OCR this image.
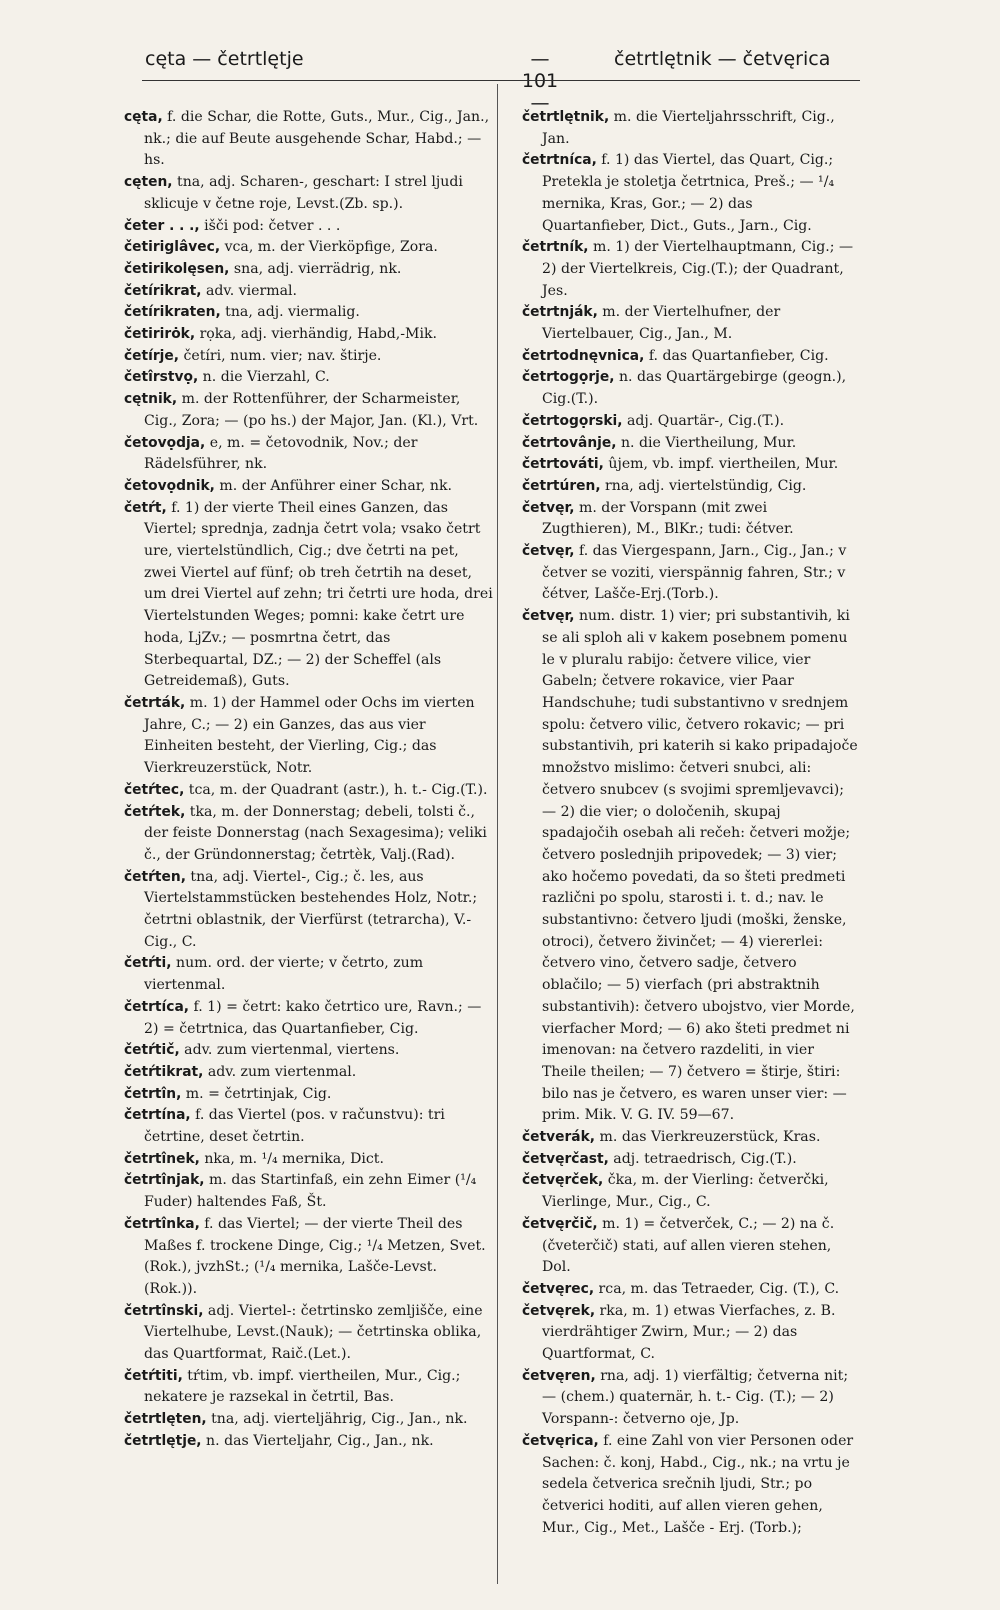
cęta — četrtlętje	— 101 —
četrtlętnik — četvęrica

cęta, f. die Schar, die Rotte, Guts., Mur., Cig., Jan., nk.; die auf Beute ausgehende Schar, Habd.; — hs.

cęten, tna, adj. Scharen-, geschart: I strel ljudi sklicuje v četne roje, Levst.(Zb. sp.).

četer . . ., išči pod: četver . . .

četiriglâvec, vca, m. der Vierköpfige, Zora.

četirikolęsen, sna, adj. vierrädrig, nk.

četírikrat, adv. viermal.

četírikraten, tna, adj. viermalig.

četirirȯk, rọka, adj. vierhändig, Habd,-Mik.

četírje, četíri, num. vier; nav. štirje.

četîrstvọ, n. die Vierzahl, C.

cętnik, m. der Rottenführer, der Scharmeister, Cig., Zora; — (po hs.) der Major, Jan. (Kl.), Vrt.

četovọdja, e, m. = četovodnik, Nov.; der Rädelsführer, nk.

četovọdnik, m. der Anführer einer Schar, nk.

četŕt, f. 1) der vierte Theil eines Ganzen, das Viertel; sprednja, zadnja četrt vola; vsako četrt ure, viertelstündlich, Cig.; dve četrti na pet, zwei Viertel auf fünf; ob treh četrtih na deset, um drei Viertel auf zehn; tri četrti ure hoda, drei Viertelstunden Weges; pomni: kake četrt ure hoda, LjZv.; — posmrtna četrt, das Sterbequartal, DZ.; — 2) der Scheffel (als Getreidemaß), Guts.

četrták, m. 1) der Hammel oder Ochs im vierten Jahre, C.; — 2) ein Ganzes, das aus vier Einheiten besteht, der Vierling, Cig.; das Vierkreuzerstück, Notr.

četŕtec, tca, m. der Quadrant (astr.), h. t.- Cig.(T.).

četŕtek, tka, m. der Donnerstag; debeli, tolsti č., der feiste Donnerstag (nach Sexagesima); veliki č., der Gründonnerstag; četrtèk, Valj.(Rad).

četŕten, tna, adj. Viertel-, Cig.; č. les, aus Viertelstammstücken bestehendes Holz, Notr.; četrtni oblastnik, der Vierfürst (tetrarcha), V.-Cig., C.

četŕti, num. ord. der vierte; v četrto, zum viertenmal.

četrtíca, f. 1) = četrt: kako četrtico ure, Ravn.; — 2) = četrtnica, das Quartanfieber, Cig.

četŕtič, adv. zum viertenmal, viertens.

četŕtikrat, adv. zum viertenmal.

četrtîn, m. = četrtinjak, Cig.

četrtína, f. das Viertel (pos. v računstvu): tri četrtine, deset četrtin.

četrtînek, nka, m. ¹/₄ mernika, Dict.

četrtînjak, m. das Startinfaß, ein zehn Eimer (¹/₄ Fuder) haltendes Faß, Št.

četrtînka, f. das Viertel; — der vierte Theil des Maßes f. trockene Dinge, Cig.; ¹/₄ Metzen, Svet. (Rok.), jvzhSt.; (¹/₄ mernika, Lašče-Levst. (Rok.)).

četrtînski, adj. Viertel-: četrtinsko zemljišče, eine Viertelhube, Levst.(Nauk); — četrtinska oblika, das Quartformat, Raič.(Let.).

četŕtiti, tŕtim, vb. impf. viertheilen, Mur., Cig.; nekatere je razsekal in četrtil, Bas.

četrtlęten, tna, adj. vierteljährig, Cig., Jan., nk.

četrtlętje, n. das Vierteljahr, Cig., Jan., nk.

četrtlętnik, m. die Vierteljahrsschrift, Cig., Jan.

četrtníca, f. 1) das Viertel, das Quart, Cig.; Pretekla je stoletja četrtnica, Preš.; — ¹/₄ mernika, Kras, Gor.; — 2) das Quartanfieber, Dict., Guts., Jarn., Cig.

četrtník, m. 1) der Viertelhauptmann, Cig.; — 2) der Viertelkreis, Cig.(T.); der Quadrant, Jes.

četrtnják, m. der Viertelhufner, der Viertelbauer, Cig., Jan., M.

četrtodnęvnica, f. das Quartanfieber, Cig.

četrtogọrje, n. das Quartärgebirge (geogn.), Cig.(T.).

četrtogọrski, adj. Quartär-, Cig.(T.).

četrtovânje, n. die Viertheilung, Mur.

četrtováti, ûjem, vb. impf. viertheilen, Mur.

četrtúren, rna, adj. viertelstündig, Cig.

četvęr, m. der Vorspann (mit zwei Zugthieren), M., BlKr.; tudi: čétver.

četvęr, f. das Viergespann, Jarn., Cig., Jan.; v četver se voziti, vierspännig fahren, Str.; v čétver, Lašče-Erj.(Torb.).

četvęr, num. distr. 1) vier; pri substantivih, ki se ali sploh ali v kakem posebnem pomenu le v pluralu rabijo: četvere vilice, vier Gabeln; četvere rokavice, vier Paar Handschuhe; tudi substantivno v srednjem spolu: četvero vilic, četvero rokavic; — pri substantivih, pri katerih si kako pripadajoče množstvo mislimo: četveri snubci, ali: četvero snubcev (s svojimi spremljevavci); — 2) die vier; o določenih, skupaj spadajočih osebah ali rečeh: četveri možje; četvero poslednjih pripovedek; — 3) vier; ako hočemo povedati, da so šteti predmeti različni po spolu, starosti i. t. d.; nav. le substantivno: četvero ljudi (moški, ženske, otroci), četvero živinčet; — 4) viererlei: četvero vino, četvero sadje, četvero oblačilo; — 5) vierfach (pri abstraktnih substantivih): četvero ubojstvo, vier Morde, vierfacher Mord; — 6) ako šteti predmet ni imenovan: na četvero razdeliti, in vier Theile theilen; — 7) četvero = štirje, štiri: bilo nas je četvero, es waren unser vier: — prim. Mik. V. G. IV. 59—67.

četverák, m. das Vierkreuzerstück, Kras.

četvęrčast, adj. tetraedrisch, Cig.(T.).

četvęrček, čka, m. der Vierling: četverčki, Vierlinge, Mur., Cig., C.

četvęrčič, m. 1) = četverček, C.; — 2) na č. (čveterčič) stati, auf allen vieren stehen, Dol.

četvęrec, rca, m. das Tetraeder, Cig. (T.), C.

četvęrek, rka, m. 1) etwas Vierfaches, z. B. vierdrähtiger Zwirn, Mur.; — 2) das Quartformat, C.

četvęren, rna, adj. 1) vierfältig; četverna nit; — (chem.) quaternär, h. t.- Cig. (T.); — 2) Vorspann-: četverno oje, Jp.

četvęrica, f. eine Zahl von vier Personen oder Sachen: č. konj, Habd., Cig., nk.; na vrtu je sedela četverica srečnih ljudi, Str.; po četverici hoditi, auf allen vieren gehen, Mur., Cig., Met., Lašče - Erj. (Torb.);
